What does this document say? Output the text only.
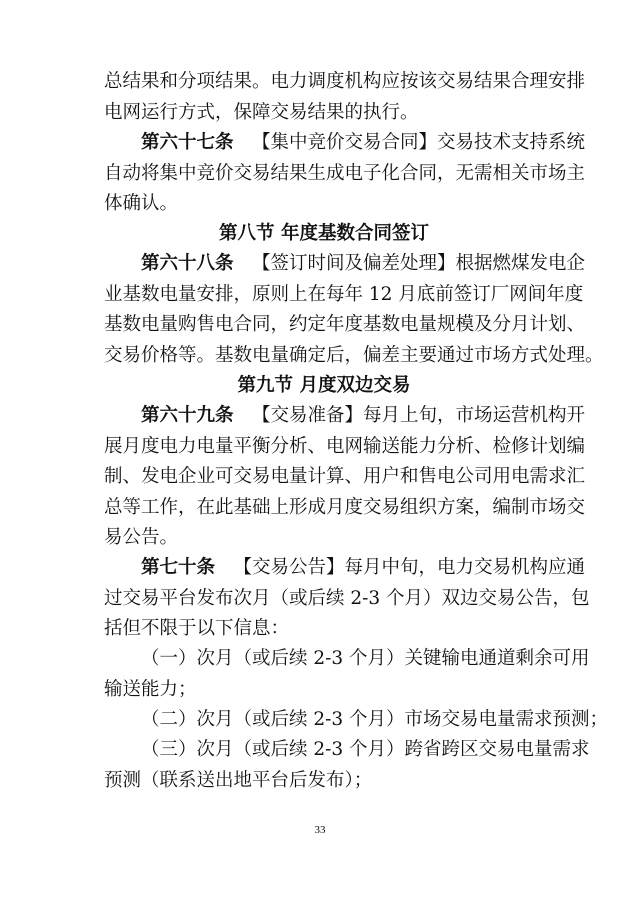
总结果和分项结果。电力调度机构应按该交易结果合理安排
电网运行方式，保障交易结果的执行。
第六十七条  【集中竞价交易合同】交易技术支持系统
自动将集中竞价交易结果生成电子化合同，无需相关市场主
体确认。
第八节 年度基数合同签订
第六十八条  【签订时间及偏差处理】根据燃煤发电企
业基数电量安排，原则上在每年 12 月底前签订厂网间年度
基数电量购售电合同，约定年度基数电量规模及分月计划、
交易价格等。基数电量确定后，偏差主要通过市场方式处理。
第九节 月度双边交易
第六十九条  【交易准备】每月上旬，市场运营机构开
展月度电力电量平衡分析、电网输送能力分析、检修计划编
制、发电企业可交易电量计算、用户和售电公司用电需求汇
总等工作，在此基础上形成月度交易组织方案，编制市场交
易公告。
第七十条  【交易公告】每月中旬，电力交易机构应通
过交易平台发布次月（或后续 2-3 个月）双边交易公告，包
括但不限于以下信息：
（一）次月（或后续 2-3 个月）关键输电通道剩余可用
输送能力；
（二）次月（或后续 2-3 个月）市场交易电量需求预测；
（三）次月（或后续 2-3 个月）跨省跨区交易电量需求
预测（联系送出地平台后发布）；
33
